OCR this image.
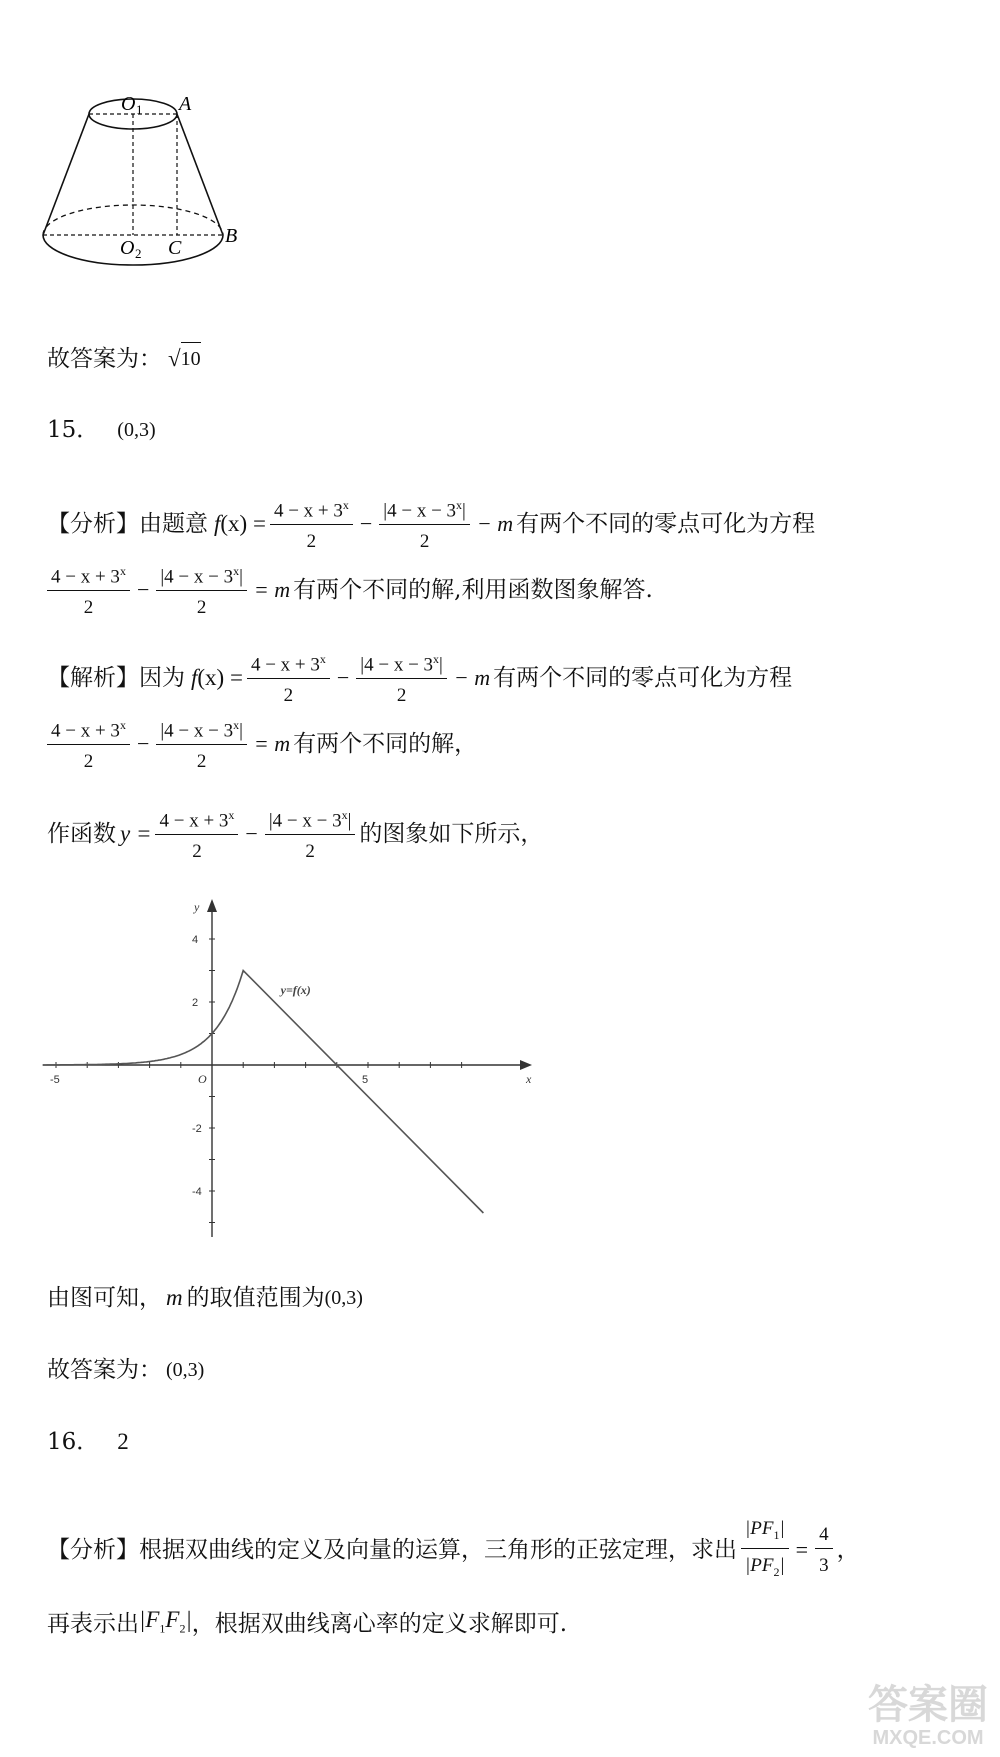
O 1 A
B
C
O 2
故答案为： √ 10
15． (0,3)
【分析】 由题意 f $(x) = \frac{4 - x + 3^x}{2} - \frac{|4 - x - 3^x|}{2} - m$ 有两个不同的零点可化为方程
$\frac{4 - x + 3^x}{2} - \frac{|4 - x - 3^x|}{2} = m$ 有两个不同的解,利用函数图象解答.
【解析】 因为 f $(x) = \frac{4 - x + 3^x}{2} - \frac{|4 - x - 3^x|}{2} - m$ 有两个不同的零点可化为方程
$\frac{4 - x + 3^x}{2} - \frac{|4 - x - 3^x|}{2} = m$ 有两个不同的解，
作函数 $y = \frac{4 - x + 3^x}{2} - \frac{|4 - x - 3^x|}{2}$ 的图象如下所示，
-5	5
4
2
-2
-4
O	x
y
y=f(x)
由图可知， m 的取值范围为 (0,3)
故答案为： (0,3)
16． 2
【分析】 根据双曲线的定义及向量的运算，三角形的正弦定理，求出 $\frac{|PF_1|}{|PF_2|} = \frac{4}{3}$ ，
再表示出 $|F_1F_2|$ ，根据双曲线离心率的定义求解即可.
答案圈
MXQE.COM
